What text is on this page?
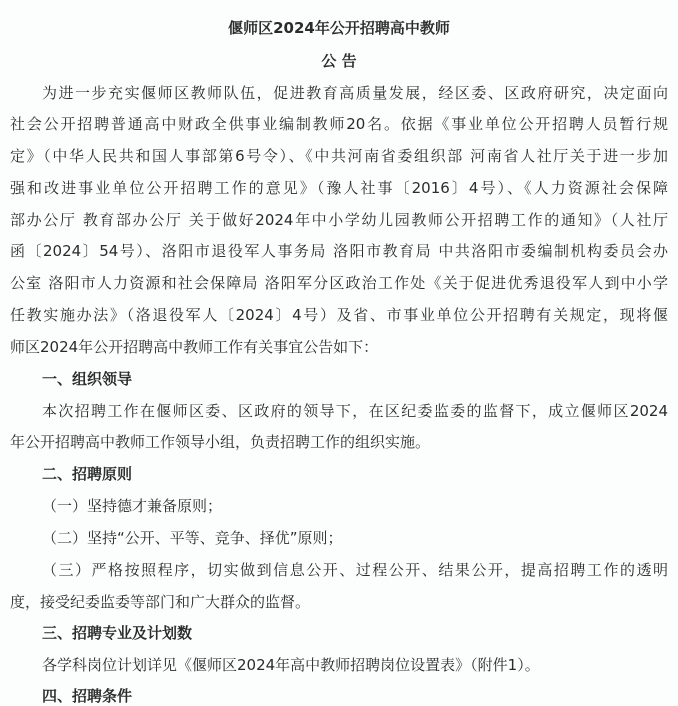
偃师区2024年公开招聘高中教师
公 告
为进一步充实偃师区教师队伍，促进教育高质量发展，经区委、区政府研究，决定面向
社会公开招聘普通高中财政全供事业编制教师20名。依据《事业单位公开招聘人员暂行规
定》（中华人民共和国人事部第6号令）、《中共河南省委组织部 河南省人社厅关于进一步加
强和改进事业单位公开招聘工作的意见》（豫人社事〔2016〕4号）、《人力资源社会保障
部办公厅 教育部办公厅 关于做好2024年中小学幼儿园教师公开招聘工作的通知》（人社厅
函〔2024〕54号）、洛阳市退役军人事务局 洛阳市教育局 中共洛阳市委编制机构委员会办
公室 洛阳市人力资源和社会保障局 洛阳军分区政治工作处《关于促进优秀退役军人到中小学
任教实施办法》（洛退役军人〔2024〕4号）及省、市事业单位公开招聘有关规定，现将偃
师区2024年公开招聘高中教师工作有关事宜公告如下：
一、组织领导
本次招聘工作在偃师区委、区政府的领导下，在区纪委监委的监督下，成立偃师区2024
年公开招聘高中教师工作领导小组，负责招聘工作的组织实施。
二、招聘原则
（一）坚持德才兼备原则；
（二）坚持“公开、平等、竞争、择优”原则；
（三）严格按照程序，切实做到信息公开、过程公开、结果公开，提高招聘工作的透明
度，接受纪委监委等部门和广大群众的监督。
三、招聘专业及计划数
各学科岗位计划详见《偃师区2024年高中教师招聘岗位设置表》（附件1）。
四、招聘条件
